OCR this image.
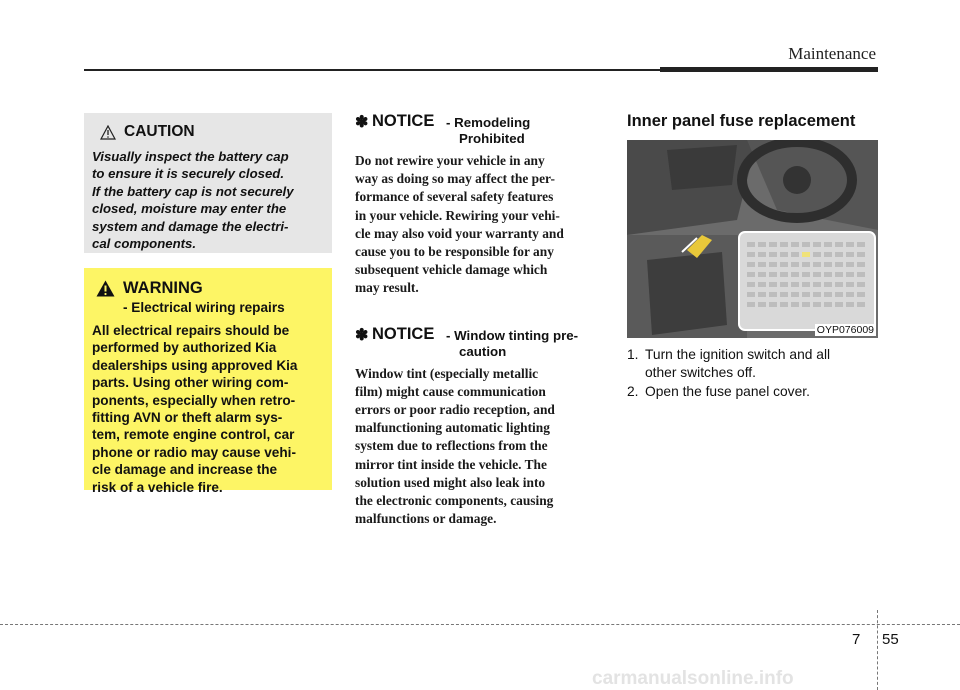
Maintenance
CAUTION
Visually inspect the battery cap
to ensure it is securely closed.
If the battery cap is not securely
closed, moisture may enter the
system and damage the electri-
cal components.
WARNING
- Electrical wiring repairs
All electrical repairs should be
performed by authorized Kia
dealerships using approved Kia
parts. Using other wiring com-
ponents, especially when retro-
fitting AVN or theft alarm sys-
tem, remote engine control, car
phone or radio may cause vehi-
cle damage and increase the
risk of a vehicle fire.
✽ NOTICE - Remodeling
Prohibited
Do not rewire your vehicle in any
way as doing so may affect the per-
formance of several safety features
in your vehicle. Rewiring your vehi-
cle may also void your warranty and
cause you to be responsible for any
subsequent vehicle damage which
may result.
✽ NOTICE - Window tinting pre-
caution
Window tint (especially metallic
film) might cause communication
errors or poor radio reception, and
malfunctioning automatic lighting
system due to reflections from the
mirror tint inside the vehicle. The
solution used might also leak into
the electronic components, causing
malfunctions or damage.
Inner panel fuse replacement
OYP076009
1. Turn the ignition switch and all
other switches off.
2. Open the fuse panel cover.
7 55
carmanualsonline.info
